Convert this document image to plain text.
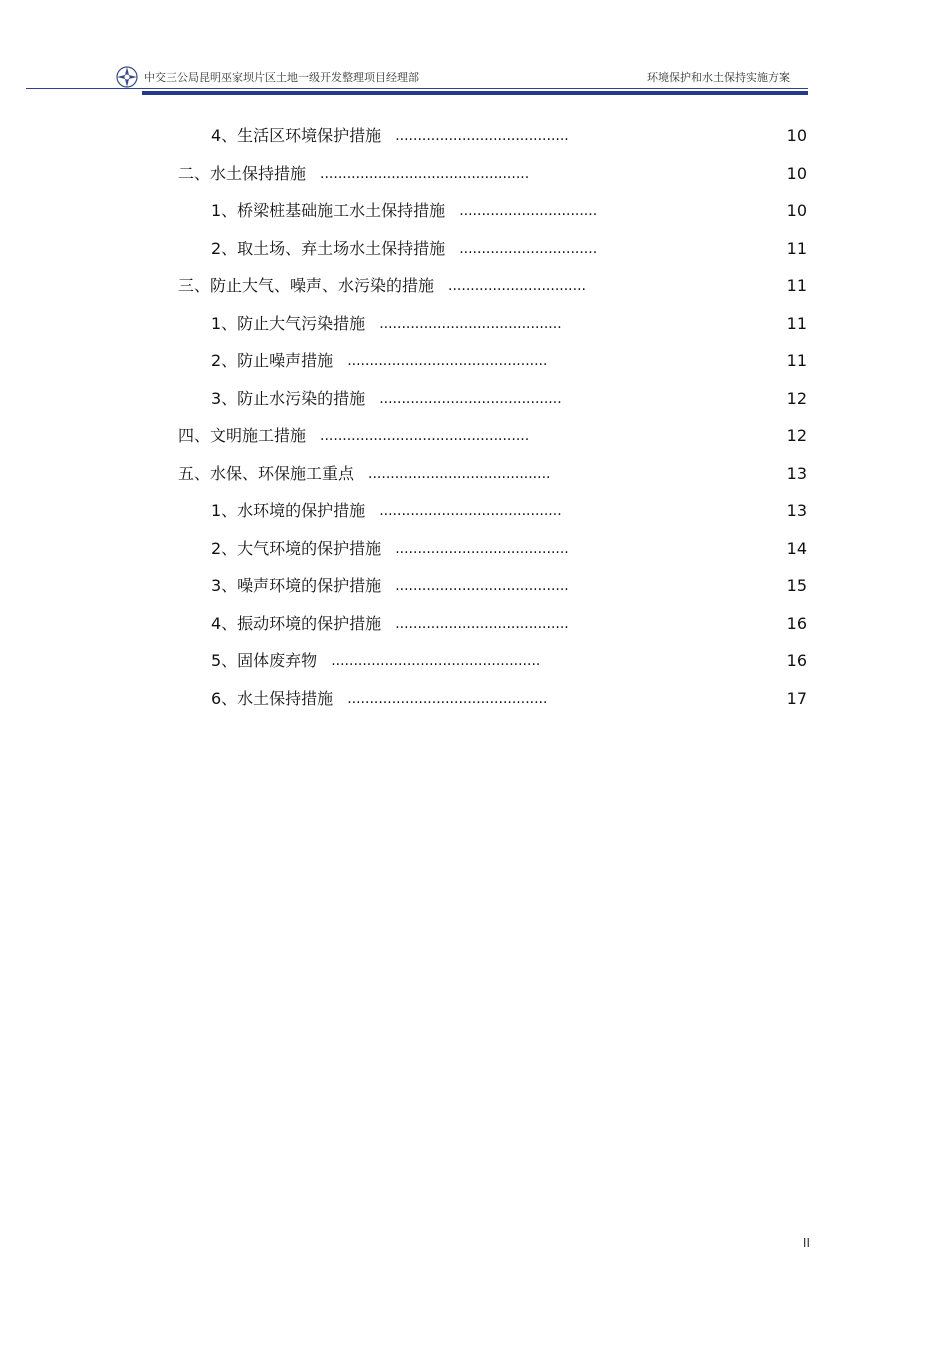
中交三公局昆明巫家坝片区土地一级开发整理项目经理部	环境保护和水土保持实施方案
4、生活区环境保护措施 .......................................	10
二、水土保持措施 ...............................................	10
1、桥梁桩基础施工水土保持措施 ...............................	10
2、取土场、弃土场水土保持措施 ...............................	11
三、防止大气、噪声、水污染的措施 ...............................	11
1、防止大气污染措施 .........................................	11
2、防止噪声措施 .............................................	11
3、防止水污染的措施 .........................................	12
四、文明施工措施 ...............................................	12
五、水保、环保施工重点 .........................................	13
1、水环境的保护措施 .........................................	13
2、大气环境的保护措施 .......................................	14
3、噪声环境的保护措施 .......................................	15
4、振动环境的保护措施 .......................................	16
5、固体废弃物 ...............................................	16
6、水土保持措施 .............................................	17
II
